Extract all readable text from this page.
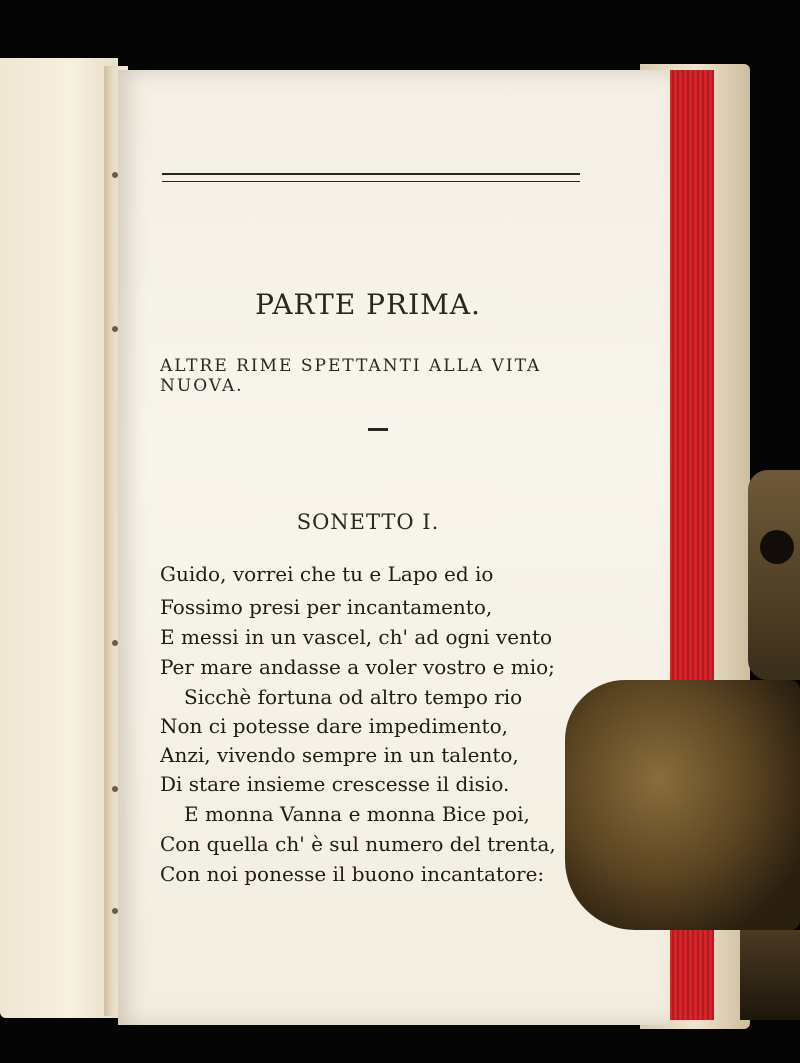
PARTE PRIMA.
ALTRE RIME SPETTANTI ALLA VITA NUOVA.
SONETTO I.
Guido, vorrei che tu e Lapo ed io
Fossimo presi per incantamento,
E messi in un vascel, ch' ad ogni vento
Per mare andasse a voler vostro e mio;
Sicchè fortuna od altro tempo rio
Non ci potesse dare impedimento,
Anzi, vivendo sempre in un talento,
Di stare insieme crescesse il disio.
E monna Vanna e monna Bice poi,
Con quella ch' è sul numero del trenta,
Con noi ponesse il buono incantatore:
